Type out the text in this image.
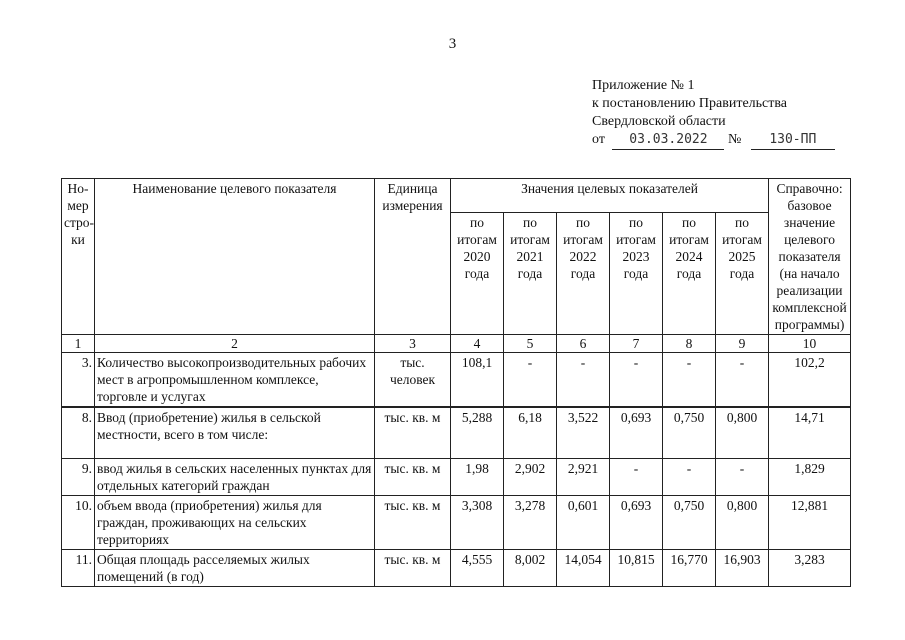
3
Приложение № 1
к постановлению Правительства
Свердловской области
от 03.03.2022 № 130-ПП
Но-мер стро-ки	Наименование целевого показателя	Единица измерения	Значения целевых показателей						Справочно: базовое значение целевого показателя (на начало реализации комплексной программы)
			по итогам 2020 года	по итогам 2021 года	по итогам 2022 года	по итогам 2023 года	по итогам 2024 года	по итогам 2025 года	
1	2	3	4	5	6	7	8	9	10
3.	Количество высокопроизводительных рабочих мест в агропромышленном комплексе, торговле и услугах	тыс. человек	108,1	-	-	-	-	-	102,2
8.	Ввод (приобретение) жилья в сельской местности, всего в том числе:	тыс. кв. м	5,288	6,18	3,522	0,693	0,750	0,800	14,71
9.	ввод жилья в сельских населенных пунктах для отдельных категорий граждан	тыс. кв. м	1,98	2,902	2,921	-	-	-	1,829
10.	объем ввода (приобретения) жилья для граждан, проживающих на сельских территориях	тыс. кв. м	3,308	3,278	0,601	0,693	0,750	0,800	12,881
11.	Общая площадь расселяемых жилых помещений (в год)	тыс. кв. м	4,555	8,002	14,054	10,815	16,770	16,903	3,283
